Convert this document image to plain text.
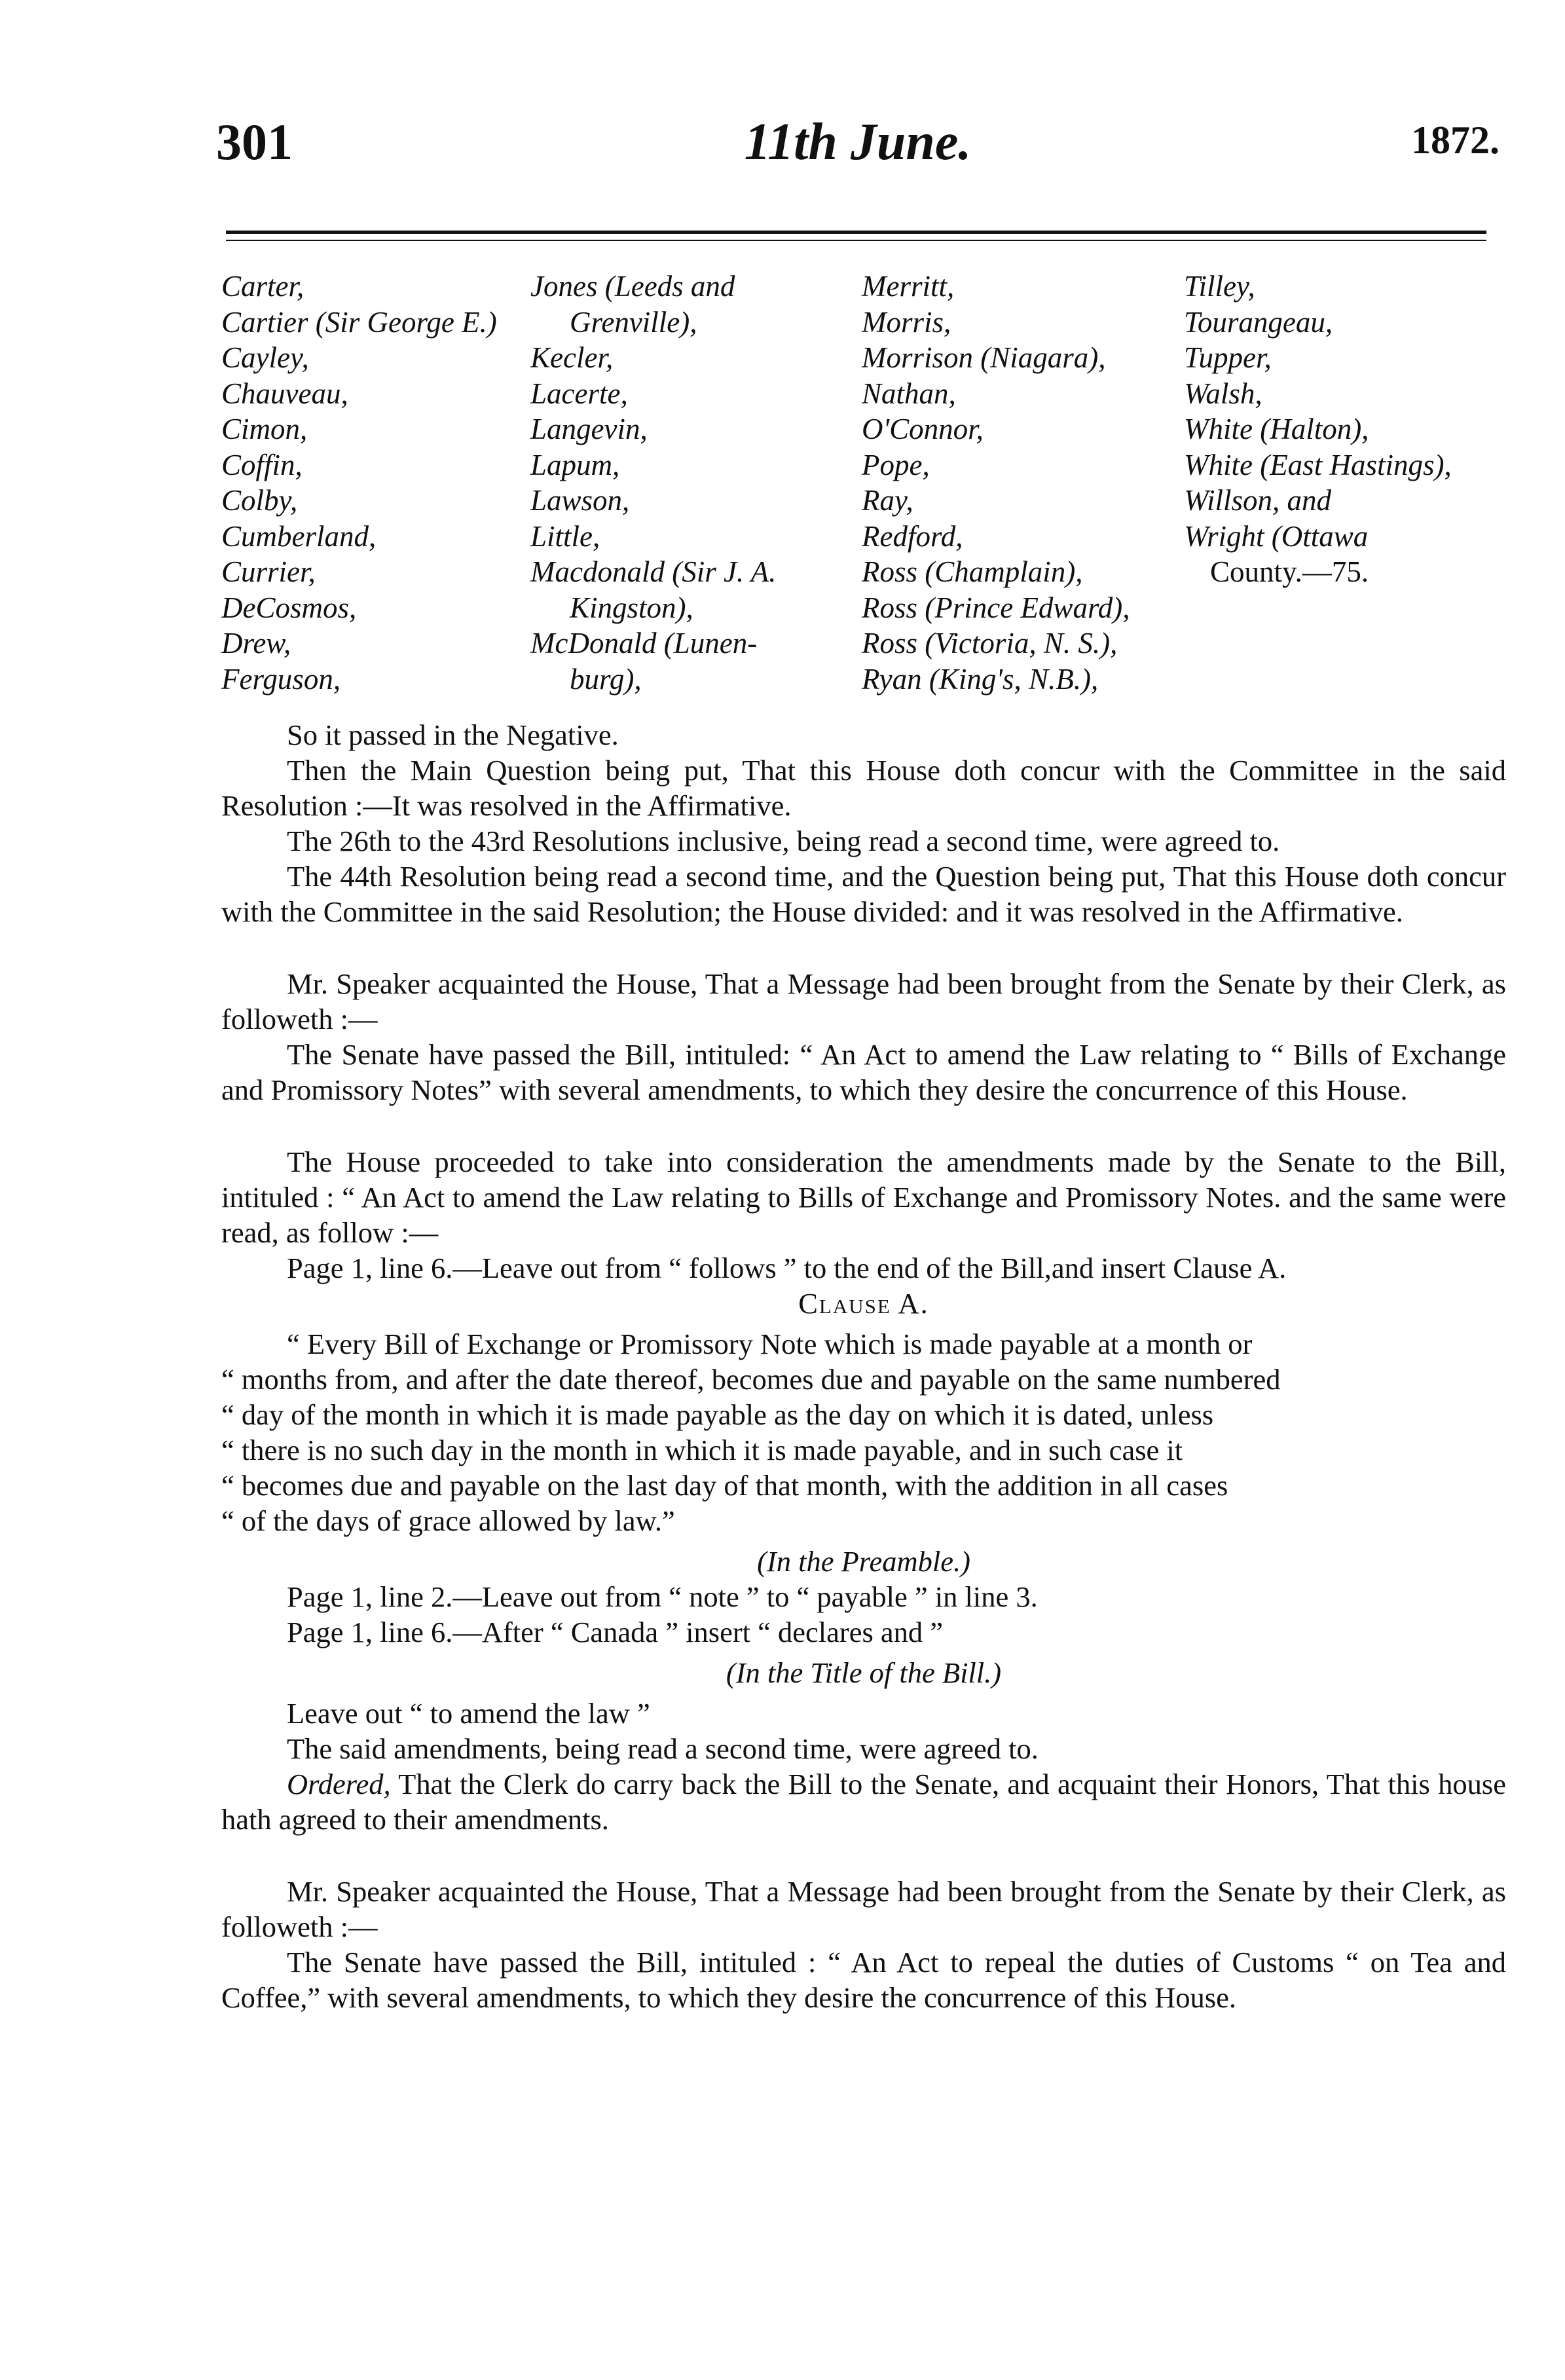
11th June.
301	1872.
Carter,
Cartier (Sir George E.)
Cayley,
Chauveau,
Cimon,
Coffin,
Colby,
Cumberland,
Currier,
DeCosmos,
Drew,
Ferguson,
Jones (Leeds and
Grenville),
Kecler,
Lacerte,
Langevin,
Lapum,
Lawson,
Little,
Macdonald (Sir J. A.
Kingston),
McDonald (Lunen-
burg),
Merritt,
Morris,
Morrison (Niagara),
Nathan,
O'Connor,
Pope,
Ray,
Redford,
Ross (Champlain),
Ross (Prince Edward),
Ross (Victoria, N. S.),
Ryan (King's, N.B.),
Tilley,
Tourangeau,
Tupper,
Walsh,
White (Halton),
White (East Hastings),
Willson, and
Wright (Ottawa
County.—75.
So it passed in the Negative.
Then the Main Question being put, That this House doth concur with the Committee in the said Resolution :—It was resolved in the Affirmative.
The 26th to the 43rd Resolutions inclusive, being read a second time, were agreed to.
The 44th Resolution being read a second time, and the Question being put, That this House doth concur with the Committee in the said Resolution; the House divided: and it was resolved in the Affirmative.
Mr. Speaker acquainted the House, That a Message had been brought from the Senate by their Clerk, as followeth :—
The Senate have passed the Bill, intituled: “ An Act to amend the Law relating to “ Bills of Exchange and Promissory Notes” with several amendments, to which they desire the concurrence of this House.
The House proceeded to take into consideration the amendments made by the Senate to the Bill, intituled : “ An Act to amend the Law relating to Bills of Exchange and Promissory Notes. and the same were read, as follow :—
Page 1, line 6.—Leave out from “ follows ” to the end of the Bill,and insert Clause A.
Clause A.
“ Every Bill of Exchange or Promissory Note which is made payable at a month or
“ months from, and after the date thereof, becomes due and payable on the same numbered
“ day of the month in which it is made payable as the day on which it is dated, unless
“ there is no such day in the month in which it is made payable, and in such case it
“ becomes due and payable on the last day of that month, with the addition in all cases
“ of the days of grace allowed by law.”
(In the Preamble.)
Page 1, line 2.—Leave out from “ note ” to “ payable ” in line 3.
Page 1, line 6.—After “ Canada ” insert “ declares and ”
(In the Title of the Bill.)
Leave out “ to amend the law ”
The said amendments, being read a second time, were agreed to.
Ordered, That the Clerk do carry back the Bill to the Senate, and acquaint their Honors, That this house hath agreed to their amendments.
Mr. Speaker acquainted the House, That a Message had been brought from the Senate by their Clerk, as followeth :—
The Senate have passed the Bill, intituled : “ An Act to repeal the duties of Customs “ on Tea and Coffee,” with several amendments, to which they desire the concurrence of this House.
